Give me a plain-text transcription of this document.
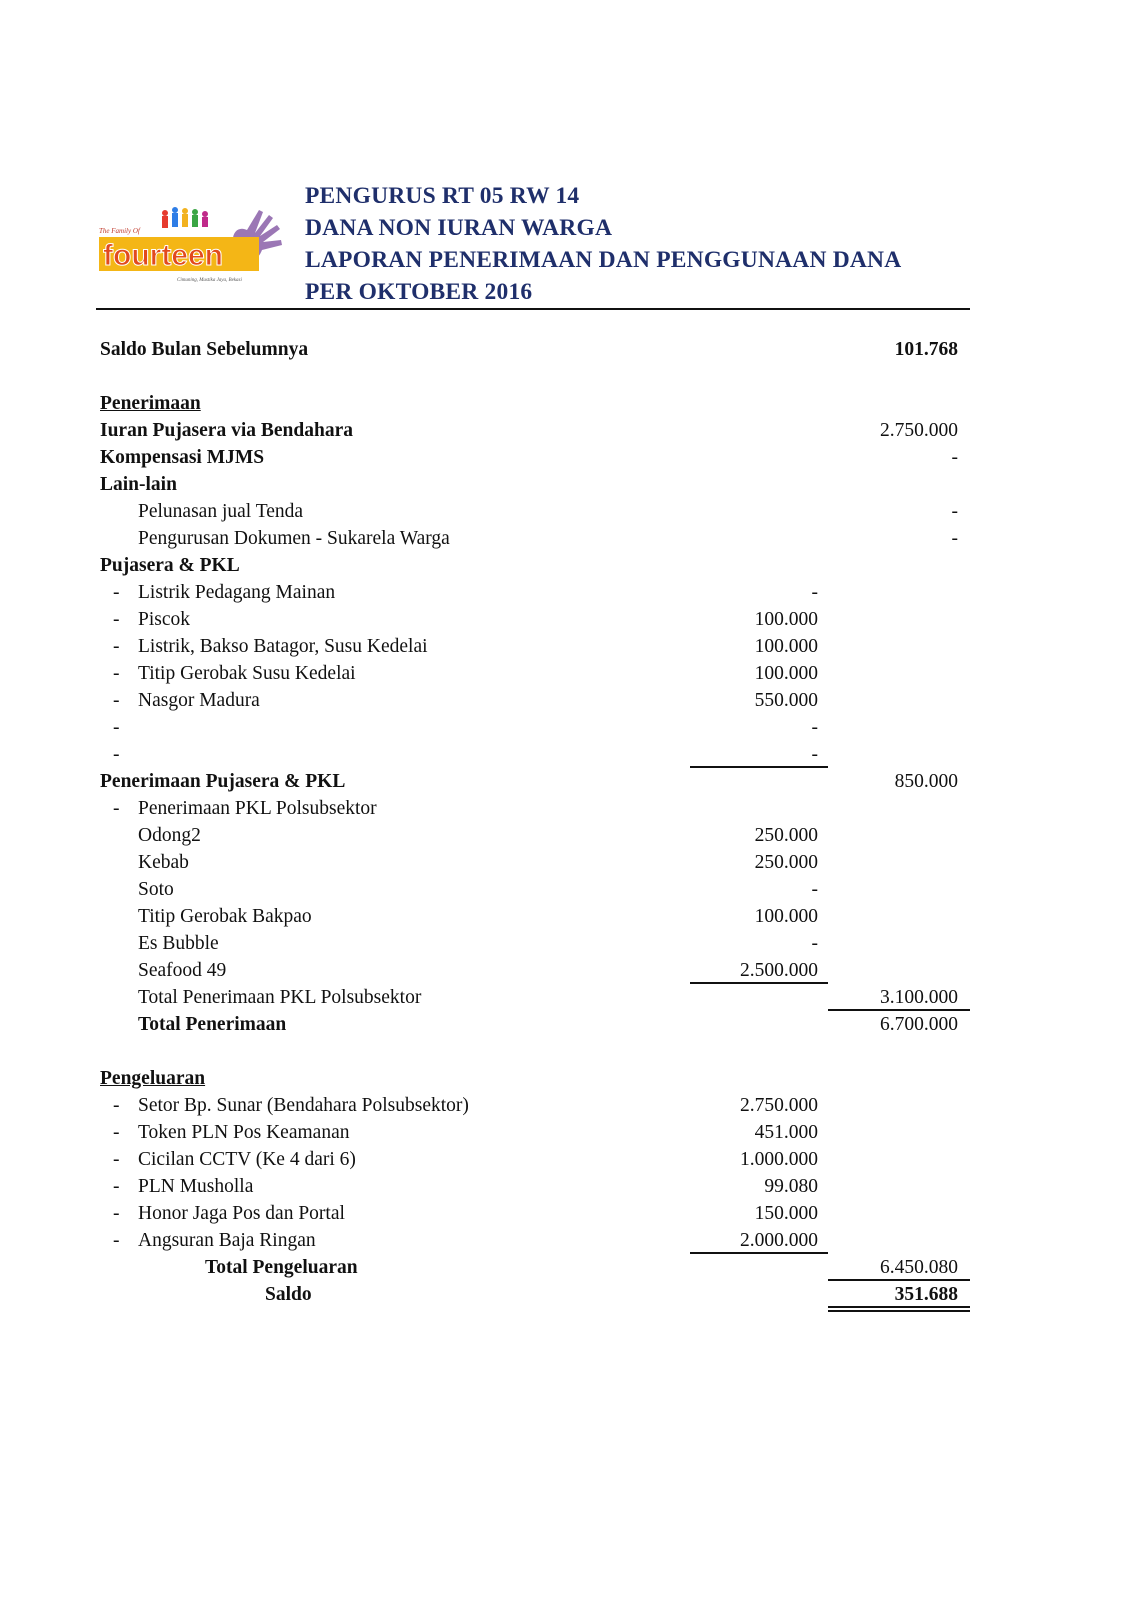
The Family Of
fourteen
Cimuning, Mustika Jaya, Bekasi
PENGURUS RT 05 RW 14
DANA NON IURAN WARGA
LAPORAN PENERIMAAN DAN PENGGUNAAN DANA
PER OKTOBER 2016
Saldo Bulan Sebelumnya	101.768
Penerimaan
Iuran Pujasera via Bendahara	2.750.000
Kompensasi MJMS	-
Lain-lain
Pelunasan jual Tenda	-
Pengurusan Dokumen - Sukarela Warga	-
Pujasera & PKL
- Listrik Pedagang Mainan	-
- Piscok	100.000
- Listrik, Bakso Batagor, Susu Kedelai	100.000
- Titip Gerobak Susu Kedelai	100.000
- Nasgor Madura	550.000
-	-
-	-
Penerimaan Pujasera & PKL	850.000
- Penerimaan PKL Polsubsektor
Odong2	250.000
Kebab	250.000
Soto	-
Titip Gerobak Bakpao	100.000
Es Bubble	-
Seafood 49	2.500.000
Total Penerimaan PKL Polsubsektor	3.100.000
Total Penerimaan	6.700.000
Pengeluaran
- Setor Bp. Sunar (Bendahara Polsubsektor)	2.750.000
- Token PLN Pos Keamanan	451.000
- Cicilan CCTV (Ke 4 dari 6)	1.000.000
- PLN Musholla	99.080
- Honor Jaga Pos dan Portal	150.000
- Angsuran Baja Ringan	2.000.000
Total Pengeluaran	6.450.080
Saldo	351.688
